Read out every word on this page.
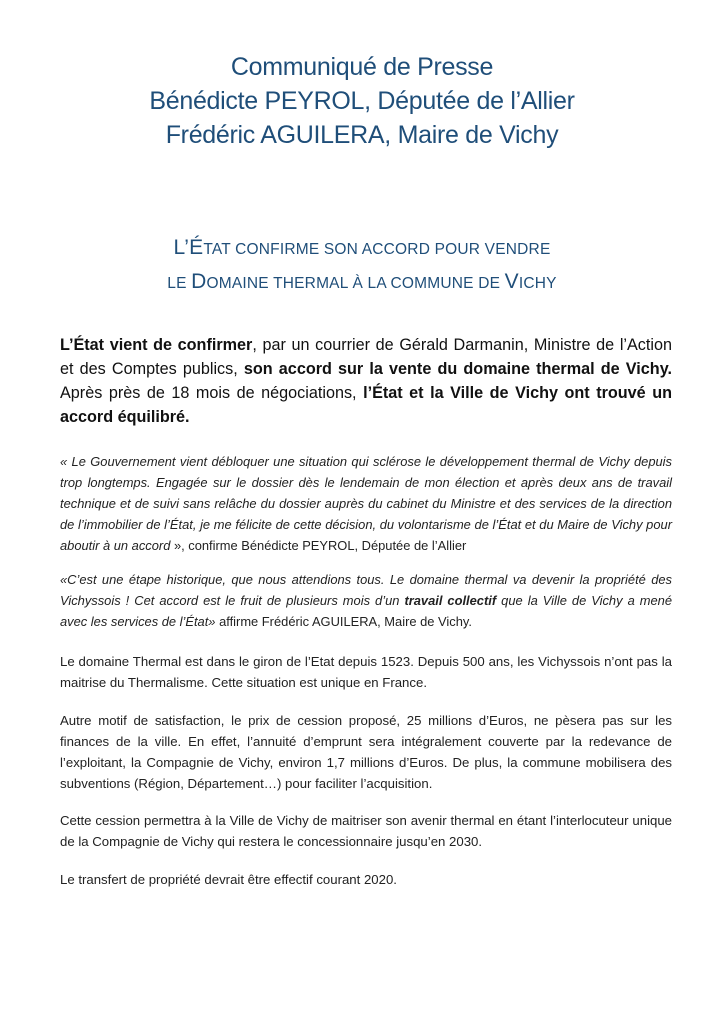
Communiqué de Presse
Bénédicte PEYROL, Députée de l’Allier
Frédéric AGUILERA, Maire de Vichy
L’ÉTAT CONFIRME SON ACCORD POUR VENDRE
LE DOMAINE THERMAL À LA COMMUNE DE VICHY
L’État vient de confirmer, par un courrier de Gérald Darmanin, Ministre de l’Action et des Comptes publics, son accord sur la vente du domaine thermal de Vichy. Après près de 18 mois de négociations, l’État et la Ville de Vichy ont trouvé un accord équilibré.
« Le Gouvernement vient débloquer une situation qui sclérose le développement thermal de Vichy depuis trop longtemps. Engagée sur le dossier dès le lendemain de mon élection et après deux ans de travail technique et de suivi sans relâche du dossier auprès du cabinet du Ministre et des services de la direction de l’immobilier de l’État, je me félicite de cette décision, du volontarisme de l’État et du Maire de Vichy pour aboutir à un accord », confirme Bénédicte PEYROL, Députée de l’Allier
«C’est une étape historique, que nous attendions tous. Le domaine thermal va devenir la propriété des Vichyssois ! Cet accord est le fruit de plusieurs mois d’un travail collectif que la Ville de Vichy a mené avec les services de l’État» affirme Frédéric AGUILERA, Maire de Vichy.
Le domaine Thermal est dans le giron de l’Etat depuis 1523. Depuis 500 ans, les Vichyssois n’ont pas la maitrise du Thermalisme. Cette situation est unique en France.
Autre motif de satisfaction, le prix de cession proposé, 25 millions d’Euros, ne pèsera pas sur les finances de la ville. En effet, l’annuité d’emprunt sera intégralement couverte par la redevance de l’exploitant, la Compagnie de Vichy, environ 1,7 millions d’Euros. De plus, la commune mobilisera des subventions (Région, Département…) pour faciliter l’acquisition.
Cette cession permettra à la Ville de Vichy de maitriser son avenir thermal en étant l’interlocuteur unique de la Compagnie de Vichy qui restera le concessionnaire jusqu’en 2030.
Le transfert de propriété devrait être effectif courant 2020.
